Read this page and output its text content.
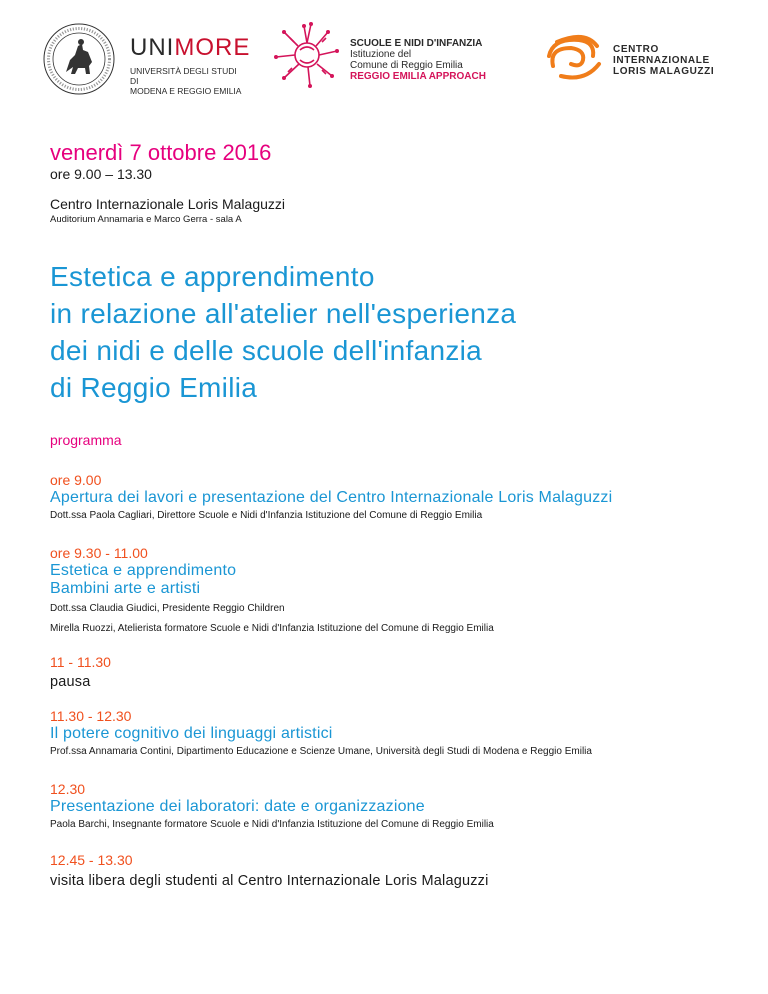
UNIMORE
UNIVERSITÀ DEGLI STUDI DI
MODENA E REGGIO EMILIA
SCUOLE E NIDI D'INFANZIA
Istituzione del
Comune di Reggio Emilia
REGGIO EMILIA APPROACH
CENTRO
INTERNAZIONALE
LORIS MALAGUZZI
venerdì 7 ottobre 2016
ore 9.00 – 13.30
Centro Internazionale Loris Malaguzzi
Auditorium Annamaria e Marco Gerra - sala A
Estetica e apprendimento
in relazione all'atelier nell'esperienza
dei nidi e delle scuole dell'infanzia
di Reggio Emilia
programma
ore 9.00
Apertura dei lavori e presentazione del Centro Internazionale Loris Malaguzzi
Dott.ssa Paola Cagliari, Direttore Scuole e Nidi d'Infanzia Istituzione del Comune di Reggio Emilia
ore 9.30 - 11.00
Estetica e apprendimento
Bambini arte e artisti
Dott.ssa Claudia Giudici, Presidente Reggio Children
Mirella Ruozzi, Atelierista formatore Scuole e Nidi d'Infanzia Istituzione del Comune di Reggio Emilia
11 - 11.30
pausa
11.30 - 12.30
Il potere cognitivo dei linguaggi artistici
Prof.ssa Annamaria Contini, Dipartimento Educazione e Scienze Umane, Università degli Studi di Modena e Reggio Emilia
12.30
Presentazione dei laboratori: date e organizzazione
Paola Barchi, Insegnante formatore Scuole e Nidi d'Infanzia Istituzione del Comune di Reggio Emilia
12.45 - 13.30
visita libera degli studenti al Centro Internazionale Loris Malaguzzi
